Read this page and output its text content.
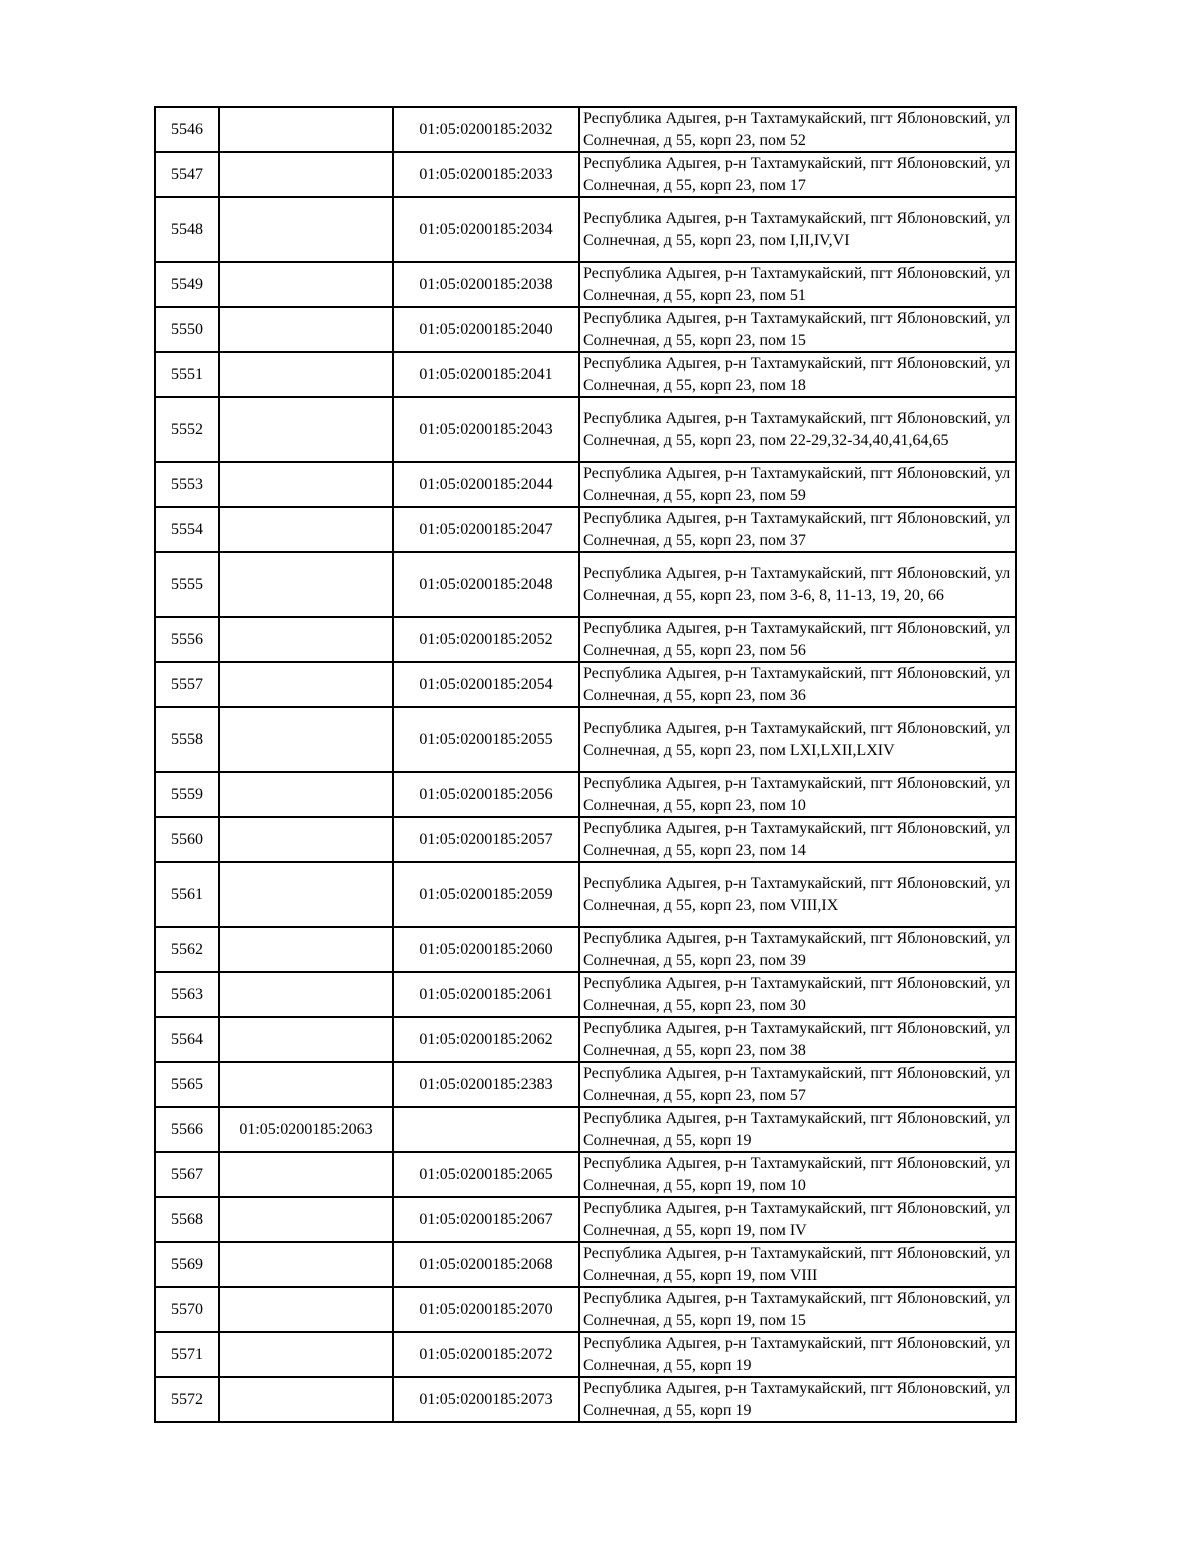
5546		01:05:0200185:2032	Республика Адыгея, р-н Тахтамукайский, пгт Яблоновский, ул Солнечная, д 55, корп 23, пом 52
5547		01:05:0200185:2033	Республика Адыгея, р-н Тахтамукайский, пгт Яблоновский, ул Солнечная, д 55, корп 23, пом 17
5548		01:05:0200185:2034	Республика Адыгея, р-н Тахтамукайский, пгт Яблоновский, ул Солнечная, д 55, корп 23, пом I,II,IV,VI
5549		01:05:0200185:2038	Республика Адыгея, р-н Тахтамукайский, пгт Яблоновский, ул Солнечная, д 55, корп 23, пом 51
5550		01:05:0200185:2040	Республика Адыгея, р-н Тахтамукайский, пгт Яблоновский, ул Солнечная, д 55, корп 23, пом 15
5551		01:05:0200185:2041	Республика Адыгея, р-н Тахтамукайский, пгт Яблоновский, ул Солнечная, д 55, корп 23, пом 18
5552		01:05:0200185:2043	Республика Адыгея, р-н Тахтамукайский, пгт Яблоновский, ул Солнечная, д 55, корп 23, пом 22-29,32-34,40,41,64,65
5553		01:05:0200185:2044	Республика Адыгея, р-н Тахтамукайский, пгт Яблоновский, ул Солнечная, д 55, корп 23, пом 59
5554		01:05:0200185:2047	Республика Адыгея, р-н Тахтамукайский, пгт Яблоновский, ул Солнечная, д 55, корп 23, пом 37
5555		01:05:0200185:2048	Республика Адыгея, р-н Тахтамукайский, пгт Яблоновский, ул Солнечная, д 55, корп 23, пом 3-6, 8, 11-13, 19, 20, 66
5556		01:05:0200185:2052	Республика Адыгея, р-н Тахтамукайский, пгт Яблоновский, ул Солнечная, д 55, корп 23, пом 56
5557		01:05:0200185:2054	Республика Адыгея, р-н Тахтамукайский, пгт Яблоновский, ул Солнечная, д 55, корп 23, пом 36
5558		01:05:0200185:2055	Республика Адыгея, р-н Тахтамукайский, пгт Яблоновский, ул Солнечная, д 55, корп 23, пом LXI,LXII,LXIV
5559		01:05:0200185:2056	Республика Адыгея, р-н Тахтамукайский, пгт Яблоновский, ул Солнечная, д 55, корп 23, пом 10
5560		01:05:0200185:2057	Республика Адыгея, р-н Тахтамукайский, пгт Яблоновский, ул Солнечная, д 55, корп 23, пом 14
5561		01:05:0200185:2059	Республика Адыгея, р-н Тахтамукайский, пгт Яблоновский, ул Солнечная, д 55, корп 23, пом VIII,IX
5562		01:05:0200185:2060	Республика Адыгея, р-н Тахтамукайский, пгт Яблоновский, ул Солнечная, д 55, корп 23, пом 39
5563		01:05:0200185:2061	Республика Адыгея, р-н Тахтамукайский, пгт Яблоновский, ул Солнечная, д 55, корп 23, пом 30
5564		01:05:0200185:2062	Республика Адыгея, р-н Тахтамукайский, пгт Яблоновский, ул Солнечная, д 55, корп 23, пом 38
5565		01:05:0200185:2383	Республика Адыгея, р-н Тахтамукайский, пгт Яблоновский, ул Солнечная, д 55, корп 23, пом 57
5566	01:05:0200185:2063		Республика Адыгея, р-н Тахтамукайский, пгт Яблоновский, ул Солнечная, д 55, корп 19
5567		01:05:0200185:2065	Республика Адыгея, р-н Тахтамукайский, пгт Яблоновский, ул Солнечная, д 55, корп 19, пом 10
5568		01:05:0200185:2067	Республика Адыгея, р-н Тахтамукайский, пгт Яблоновский, ул Солнечная, д 55, корп 19, пом IV
5569		01:05:0200185:2068	Республика Адыгея, р-н Тахтамукайский, пгт Яблоновский, ул Солнечная, д 55, корп 19, пом VIII
5570		01:05:0200185:2070	Республика Адыгея, р-н Тахтамукайский, пгт Яблоновский, ул Солнечная, д 55, корп 19, пом 15
5571		01:05:0200185:2072	Республика Адыгея, р-н Тахтамукайский, пгт Яблоновский, ул Солнечная, д 55, корп 19
5572		01:05:0200185:2073	Республика Адыгея, р-н Тахтамукайский, пгт Яблоновский, ул Солнечная, д 55, корп 19
